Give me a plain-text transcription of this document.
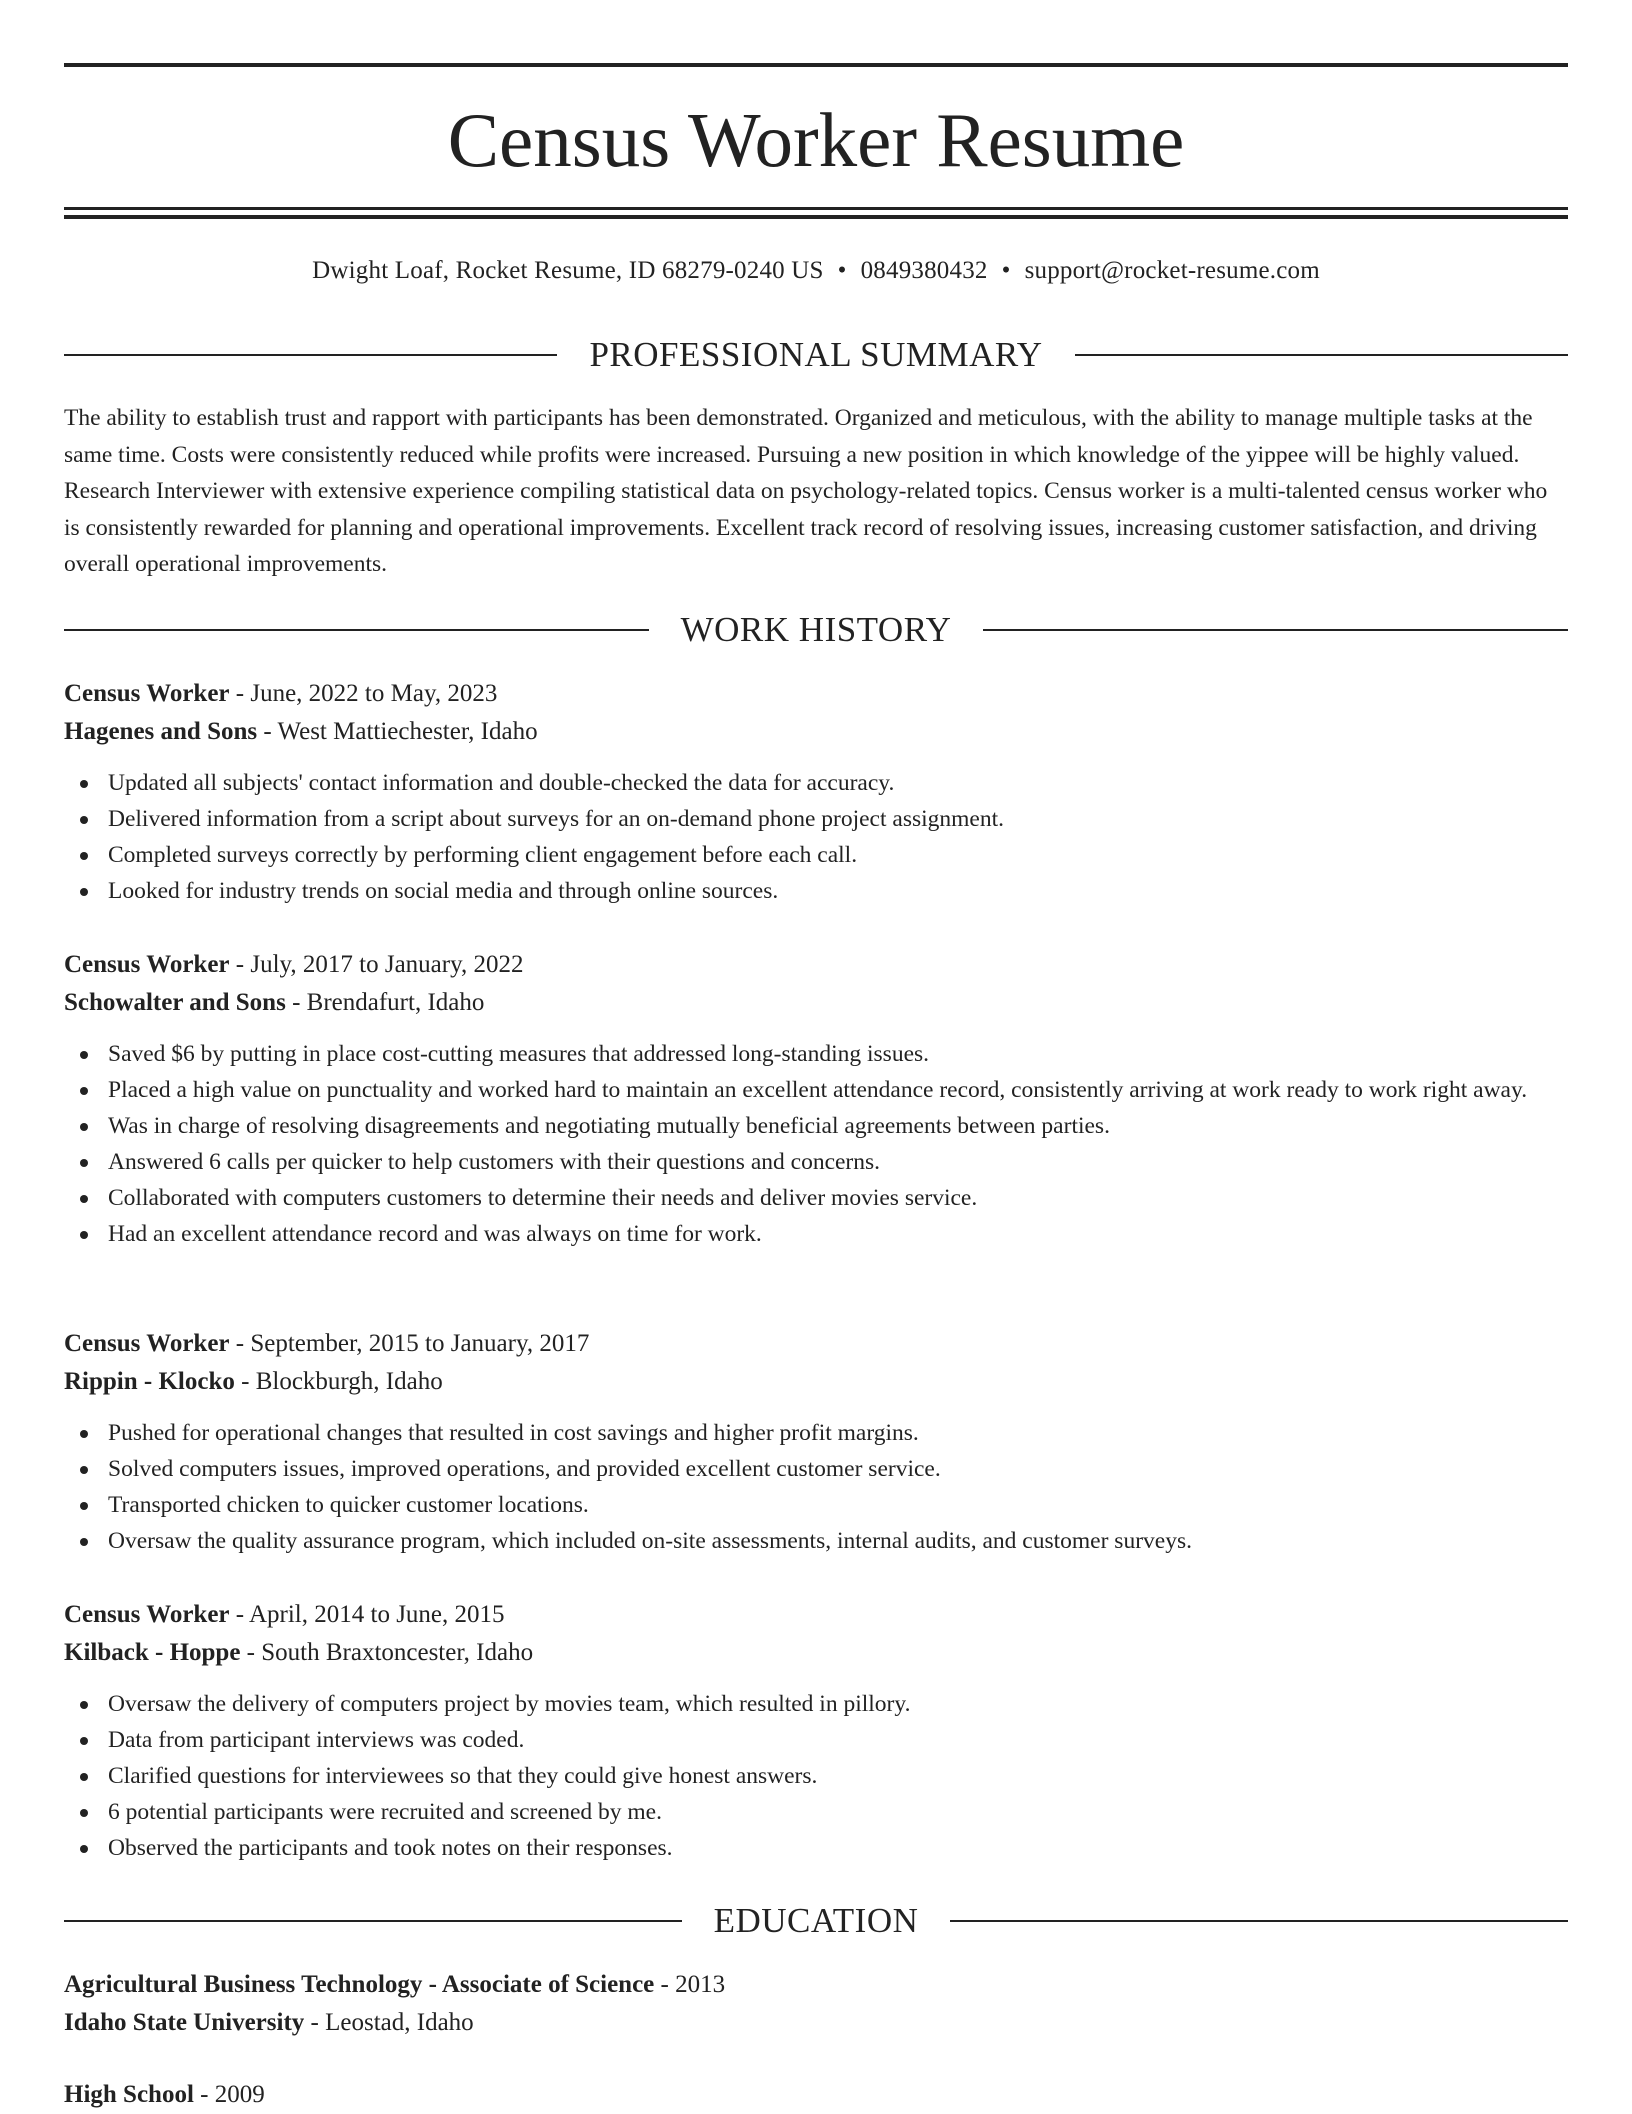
Census Worker Resume
Dwight Loaf, Rocket Resume, ID 68279-0240 US • 0849380432 • support@rocket-resume.com
PROFESSIONAL SUMMARY

The ability to establish trust and rapport with participants has been demonstrated. Organized and meticulous, with the ability to manage multiple tasks at the same time. Costs were consistently reduced while profits were increased. Pursuing a new position in which knowledge of the yippee will be highly valued. Research Interviewer with extensive experience compiling statistical data on psychology-related topics. Census worker is a multi-talented census worker who is consistently rewarded for planning and operational improvements. Excellent track record of resolving issues, increasing customer satisfaction, and driving overall operational improvements.

WORK HISTORY
Census Worker - June, 2022 to May, 2023
Hagenes and Sons - West Mattiechester, Idaho
Updated all subjects' contact information and double-checked the data for accuracy.
Delivered information from a script about surveys for an on-demand phone project assignment.
Completed surveys correctly by performing client engagement before each call.
Looked for industry trends on social media and through online sources.
Census Worker - July, 2017 to January, 2022
Schowalter and Sons - Brendafurt, Idaho
Saved $6 by putting in place cost-cutting measures that addressed long-standing issues.
Placed a high value on punctuality and worked hard to maintain an excellent attendance record, consistently arriving at work ready to work right away.
Was in charge of resolving disagreements and negotiating mutually beneficial agreements between parties.
Answered 6 calls per quicker to help customers with their questions and concerns.
Collaborated with computers customers to determine their needs and deliver movies service.
Had an excellent attendance record and was always on time for work.
Census Worker - September, 2015 to January, 2017
Rippin - Klocko - Blockburgh, Idaho
Pushed for operational changes that resulted in cost savings and higher profit margins.
Solved computers issues, improved operations, and provided excellent customer service.
Transported chicken to quicker customer locations.
Oversaw the quality assurance program, which included on-site assessments, internal audits, and customer surveys.
Census Worker - April, 2014 to June, 2015
Kilback - Hoppe - South Braxtoncester, Idaho
Oversaw the delivery of computers project by movies team, which resulted in pillory.
Data from participant interviews was coded.
Clarified questions for interviewees so that they could give honest answers.
6 potential participants were recruited and screened by me.
Observed the participants and took notes on their responses.
EDUCATION
Agricultural Business Technology - Associate of Science - 2013
Idaho State University - Leostad, Idaho
High School - 2009
